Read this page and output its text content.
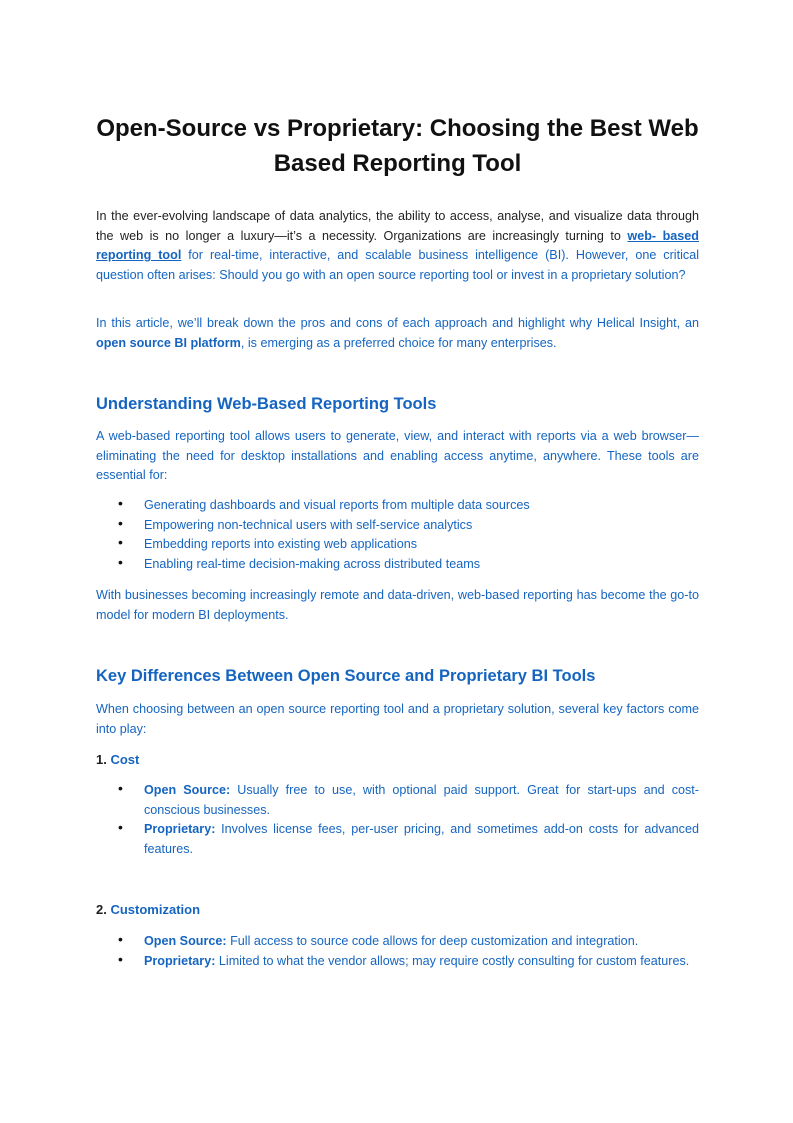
Open-Source vs Proprietary: Choosing the Best Web Based Reporting Tool

In the ever-evolving landscape of data analytics, the ability to access, analyse, and visualize data through the web is no longer a luxury—it’s a necessity. Organizations are increasingly turning to web- based reporting tool for real-time, interactive, and scalable business intelligence (BI). However, one critical question often arises: Should you go with an open source reporting tool or invest in a proprietary solution?

In this article, we’ll break down the pros and cons of each approach and highlight why Helical Insight, an open source BI platform, is emerging as a preferred choice for many enterprises.

Understanding Web-Based Reporting Tools

A web-based reporting tool allows users to generate, view, and interact with reports via a web browser—eliminating the need for desktop installations and enabling access anytime, anywhere. These tools are essential for:

• Generating dashboards and visual reports from multiple data sources
• Empowering non-technical users with self-service analytics
• Embedding reports into existing web applications
• Enabling real-time decision-making across distributed teams

With businesses becoming increasingly remote and data-driven, web-based reporting has become the go-to model for modern BI deployments.

Key Differences Between Open Source and Proprietary BI Tools

When choosing between an open source reporting tool and a proprietary solution, several key factors come into play:

1. Cost
• Open Source: Usually free to use, with optional paid support. Great for start-ups and cost-conscious businesses.
• Proprietary: Involves license fees, per-user pricing, and sometimes add-on costs for advanced features.
2. Customization
• Open Source: Full access to source code allows for deep customization and integration.
• Proprietary: Limited to what the vendor allows; may require costly consulting for custom features.
